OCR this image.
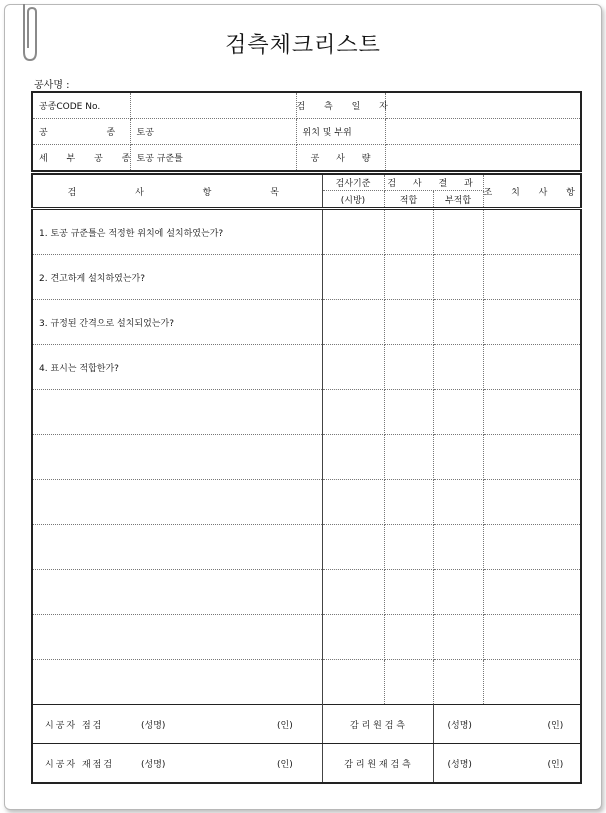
검측체크리스트
공사명 :
공종CODE No.		검 측 일 자	
공 종	토공	위치 및 부위	
세 부 공 종	토공 규준틀	공 사 량	
검 사 항 목	검사기준	검 사 결 과		조 치 사 항
	(시방)	적합	부적합	
1. 토공 규준틀은 적정한 위치에 설치하였는가?				
2. 견고하게 설치하였는가?				
3. 규정된 간격으로 설치되었는가?				
4. 표시는 적합한가?				

시공자 점검 (성명) (인)	감 리 원 검 측		(성명) (인)	
시공자 재점검 (성명) (인)	감 리 원 재 검 측		(성명) (인)	
